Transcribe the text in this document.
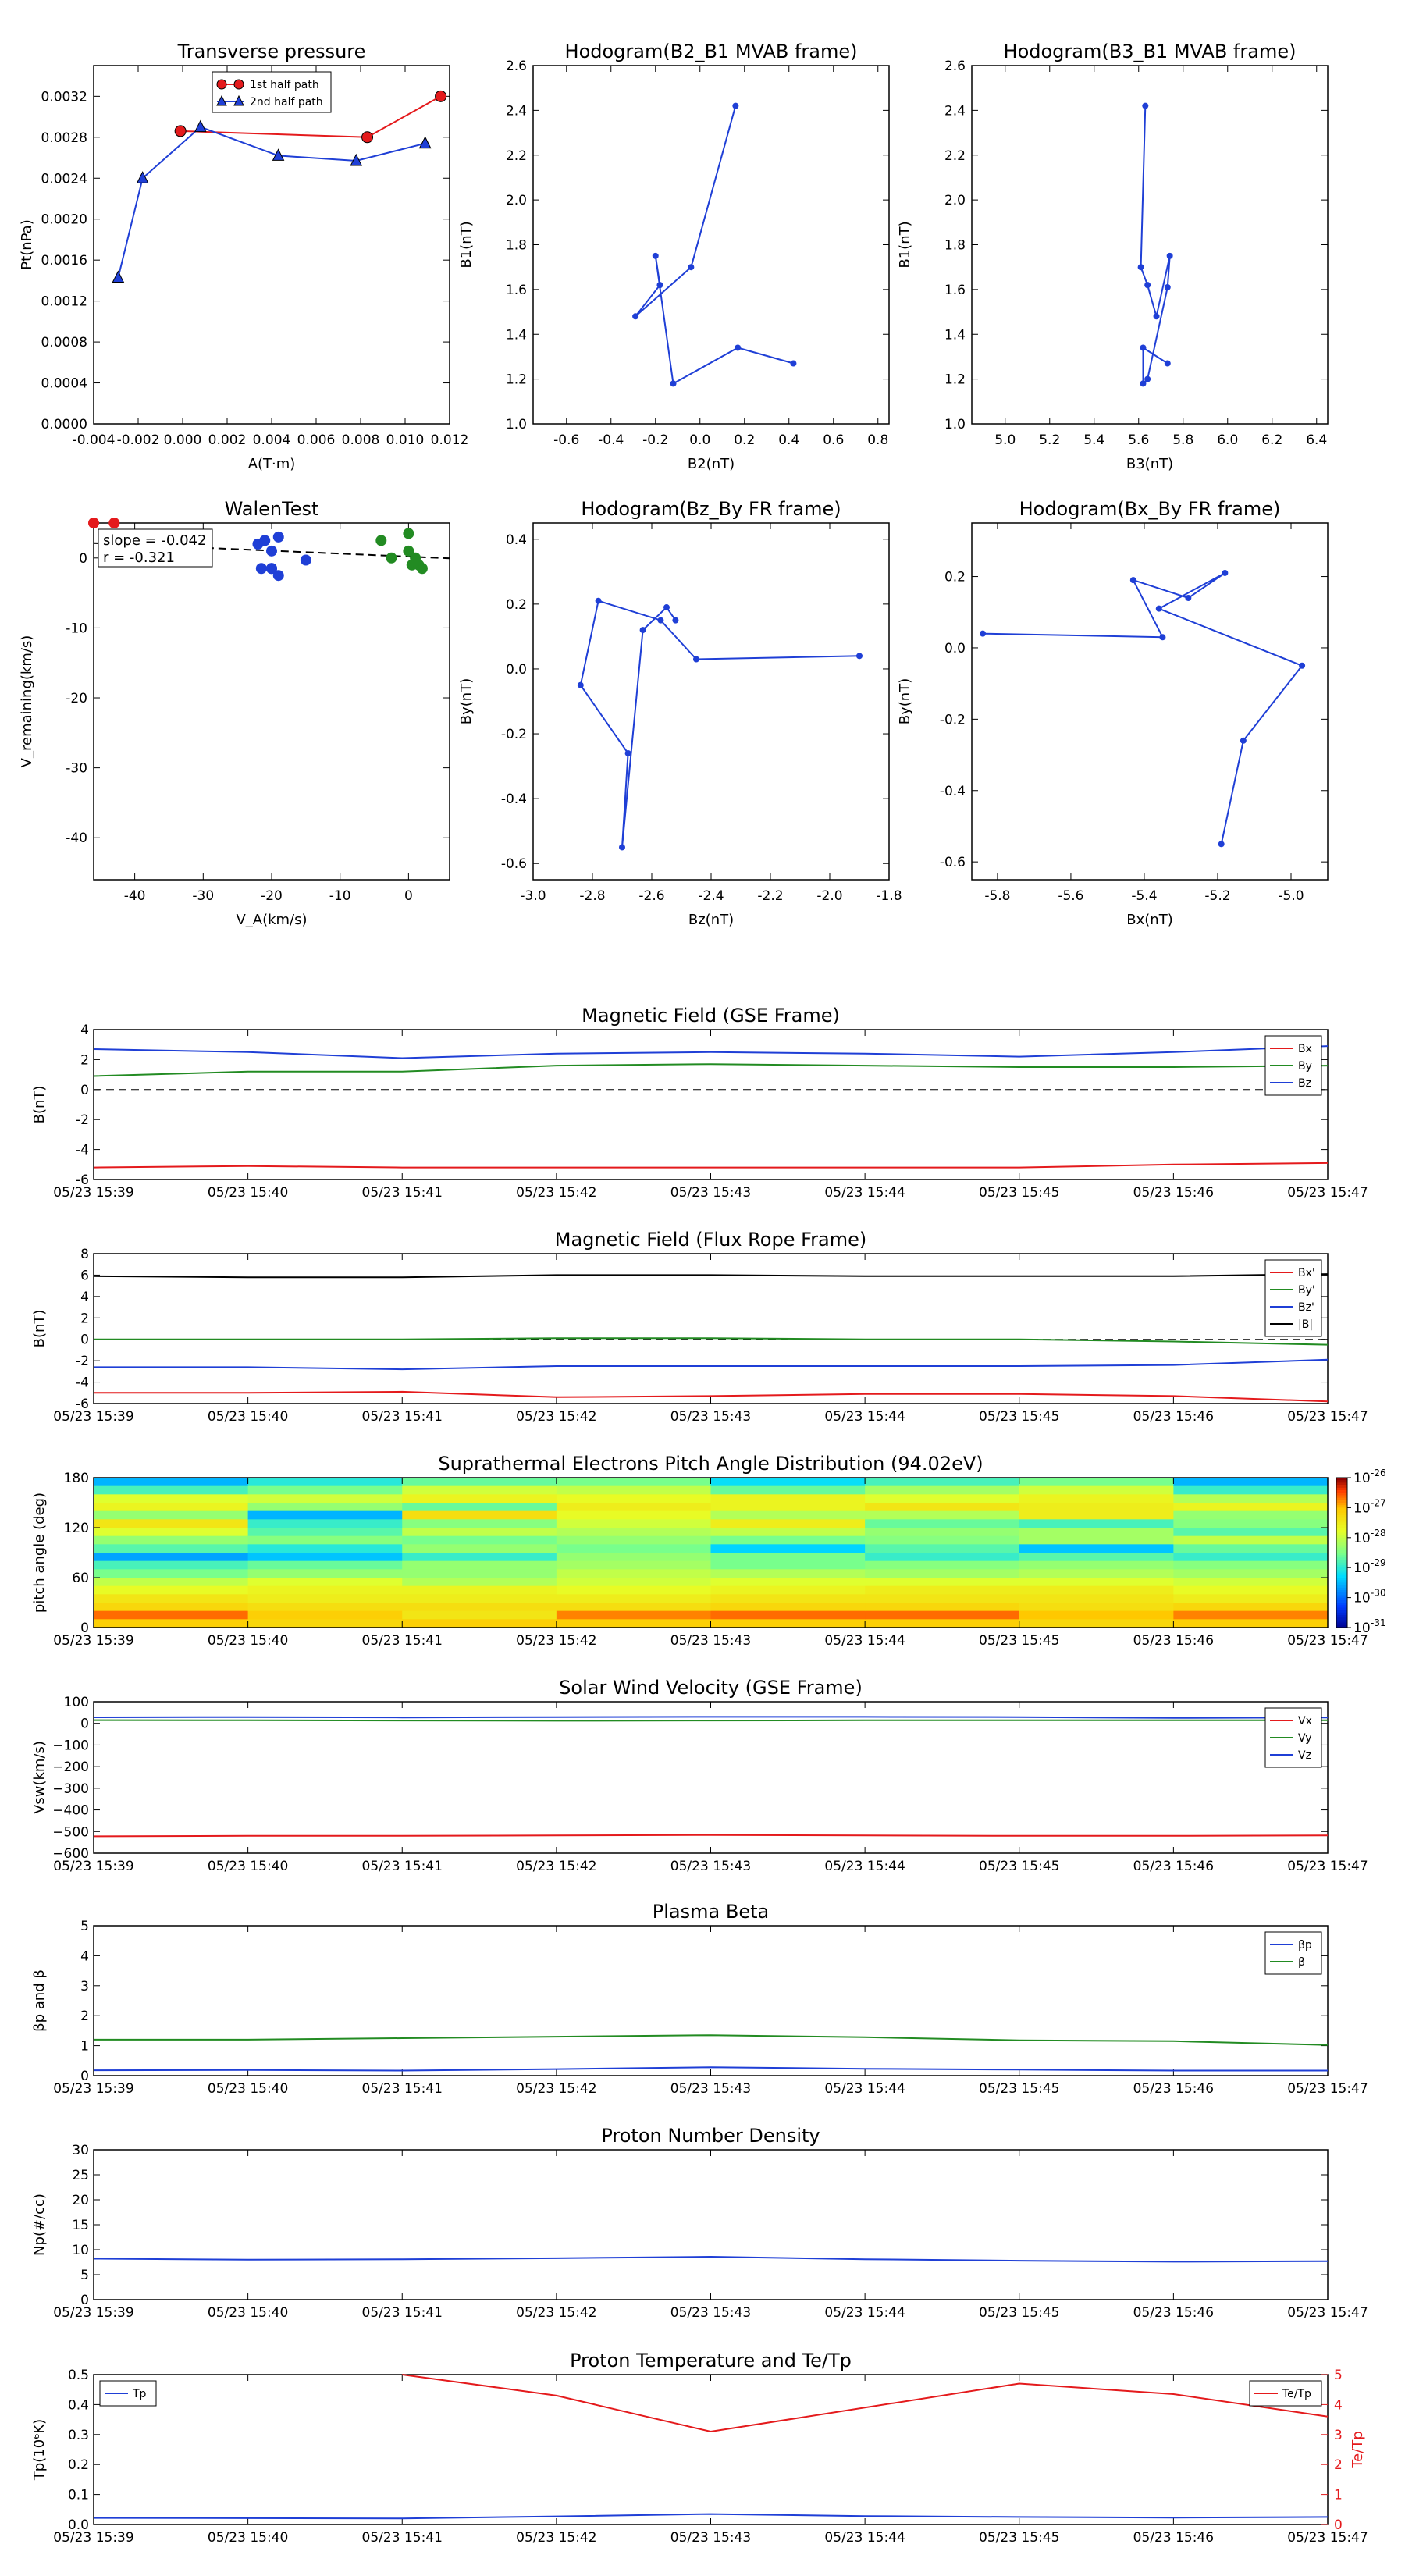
Transverse pressure
-0.004 -0.002 0.000 0.002 0.004 0.006 0.008 0.010 0.012
0.0000
0.0004
0.0008
0.0012
0.0016
0.0020
0.0024
0.0028
0.0032
A(T·m)
Pt(nPa)
1st half path
2nd half path
Hodogram(B2_B1 MVAB frame)
-0.6 -0.4 -0.2 0.0 0.2 0.4 0.6 0.8
1.0
1.2
1.4
1.6
1.8
2.0
2.2
2.4
2.6
B2(nT)
B1(nT)
Hodogram(B3_B1 MVAB frame)
5.0 5.2 5.4 5.6 5.8 6.0 6.2 6.4
1.0
1.2
1.4
1.6
1.8
2.0
2.2
2.4
2.6
B3(nT)
B1(nT)
WalenTest
-40	-30	-20	-10	0
-40
-30
-20
-10
0
V_A(km/s)
V_remaining(km/s)
slope = -0.042
r = -0.321
Hodogram(Bz_By FR frame)
-3.0	-2.8	-2.6	-2.4	-2.2	-2.0	-1.8
-0.6
-0.4
-0.2
0.0
0.2
0.4
Bz(nT)
By(nT)
Hodogram(Bx_By FR frame)
-5.8	-5.6	-5.4	-5.2	-5.0
-0.6
-0.4
-0.2
0.0
0.2
Bx(nT)
By(nT)
Magnetic Field (GSE Frame)
-6
-4
-2
0
2
4
05/23 15:39	05/23 15:40	05/23 15:41	05/23 15:42	05/23 15:43	05/23 15:44	05/23 15:45	05/23 15:46	05/23 15:47
B(nT)
Bx
By
Bz
Magnetic Field (Flux Rope Frame)
-6
-4
-2
0
2
4
6
8
05/23 15:39	05/23 15:40	05/23 15:41	05/23 15:42	05/23 15:43	05/23 15:44	05/23 15:45	05/23 15:46	05/23 15:47
B(nT)
Bx'
By'
Bz'
|B|
Suprathermal Electrons Pitch Angle Distribution (94.02eV)
10 -26
10 -27
10 -28
10 -29
10 -30
10 -31
0
60
120
180
05/23 15:39	05/23 15:40	05/23 15:41	05/23 15:42	05/23 15:43	05/23 15:44	05/23 15:45	05/23 15:46	05/23 15:47
pitch angle (deg)
Solar Wind Velocity (GSE Frame)
−600
−500
−400
−300
−200
−100
0
100
05/23 15:39	05/23 15:40	05/23 15:41	05/23 15:42	05/23 15:43	05/23 15:44	05/23 15:45	05/23 15:46	05/23 15:47
Vsw(km/s)
Vx
Vy
Vz
Plasma Beta
0
1
2
3
4
5
05/23 15:39	05/23 15:40	05/23 15:41	05/23 15:42	05/23 15:43	05/23 15:44	05/23 15:45	05/23 15:46	05/23 15:47
βp and β
βp
β
Proton Number Density
0
5
10
15
20
25
30
05/23 15:39	05/23 15:40	05/23 15:41	05/23 15:42	05/23 15:43	05/23 15:44	05/23 15:45	05/23 15:46	05/23 15:47
Np(#/cc)
Proton Temperature and Te/Tp
0.0
0.1
0.2
0.3
0.4
0.5
05/23 15:39	05/23 15:40	05/23 15:41	05/23 15:42	05/23 15:43	05/23 15:44	05/23 15:45	05/23 15:46	05/23 15:47
Tp(10⁶K)
Tp
0
1
2
3
4
5
Te/Tp
Te/Tp
